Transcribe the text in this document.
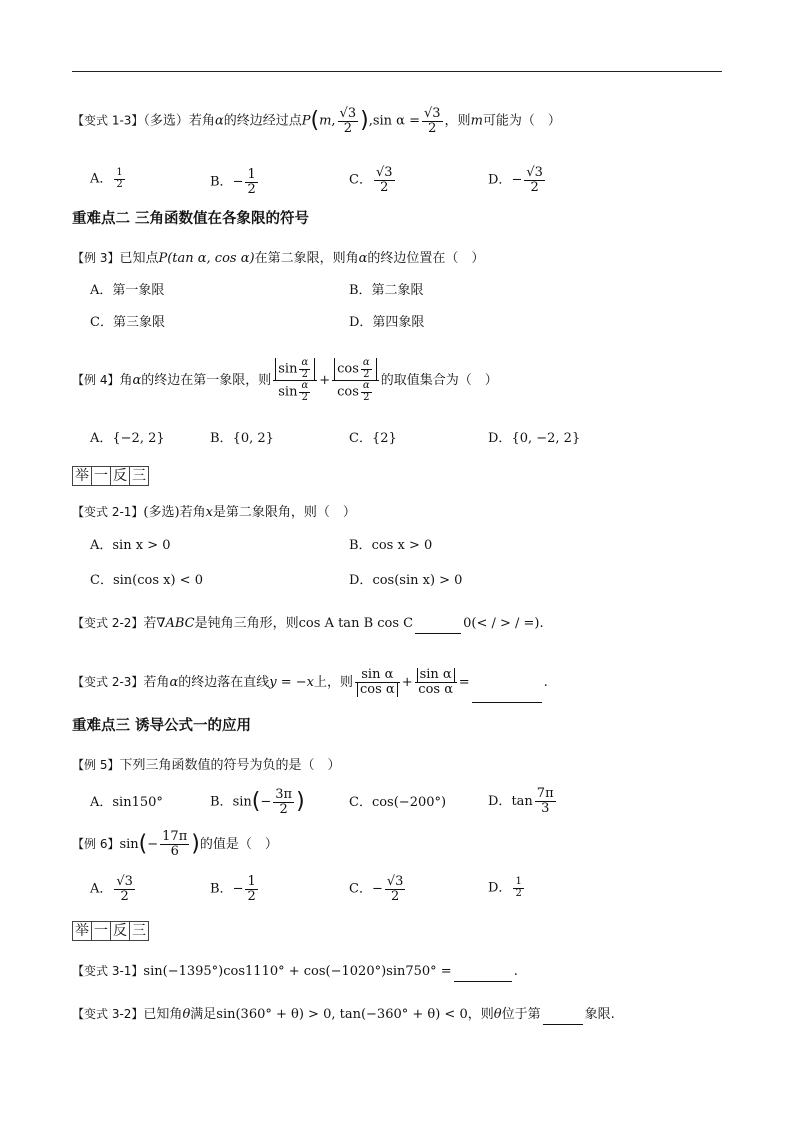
【变式 1-3】（多选）若角α的终边经过点P(m, $\frac{√3}{2} ),\sin$ $\alpha = \frac{√3}{2}$ ，则m可能为（　）
A． $\frac{1}{2}$	B．− $\frac{1}{2}$	C． $\frac{√3}{2}$	D．− $\frac{√3}{2}$
重难点二 三角函数值在各象限的符号
【例 3】已知点P(tan α, cos α)在第二象限，则角α的终边位置在（　）
A．第一象限	B．第二象限
C．第三象限	D．第四象限
【例 4】角α的终边在第一象限，则 $\frac{\sin \frac{\alpha}{2}}{\sin \frac{\alpha}{2}} + \frac{\cos \frac{\alpha}{2}}{\cos \frac{\alpha}{2}}$ 的取值集合为（　）
A．{−2, 2}	B．{0, 2}	C．{2}	D．{0, −2, 2}
举 一 反 三
【变式 2-1】(多选)若角x是第二象限角，则（　）
A．sin x > 0	B．cos x > 0
C．sin(cos x) < 0	D．cos(sin x) > 0
【变式 2-2】若∇ABC是钝角三角形，则cos A tan B cos C	0(< / > / =).
【变式 2-3】若角α的终边落在直线y = −x上，则 $\frac{\text{sin α}}{\text{cos α}} + \frac{\text{sin α}}{\text{cos α}}$ =	.
重难点三 诱导公式一的应用
【例 5】下列三角函数值的符号为负的是（　）
A．sin150°	B．$\sin(- \frac{3\pi}{2}$ )	C．cos(−200°)	D．$\tan \frac{7\pi}{3}$
【例 6】$\sin(- \frac{17\pi}{6}$ )的值是（　）
A． $\frac{√3}{2}$	B．− $\frac{1}{2}$	C．− $\frac{√3}{2}$	D． $\frac{1}{2}$
举 一 反 三
【变式 3-1】sin(−1395°)cos1110° + cos(−1020°)sin750° =	.
【变式 3-2】已知角θ满足sin(360° + θ) > 0, tan(−360° + θ) < 0，则θ位于第	象限.
